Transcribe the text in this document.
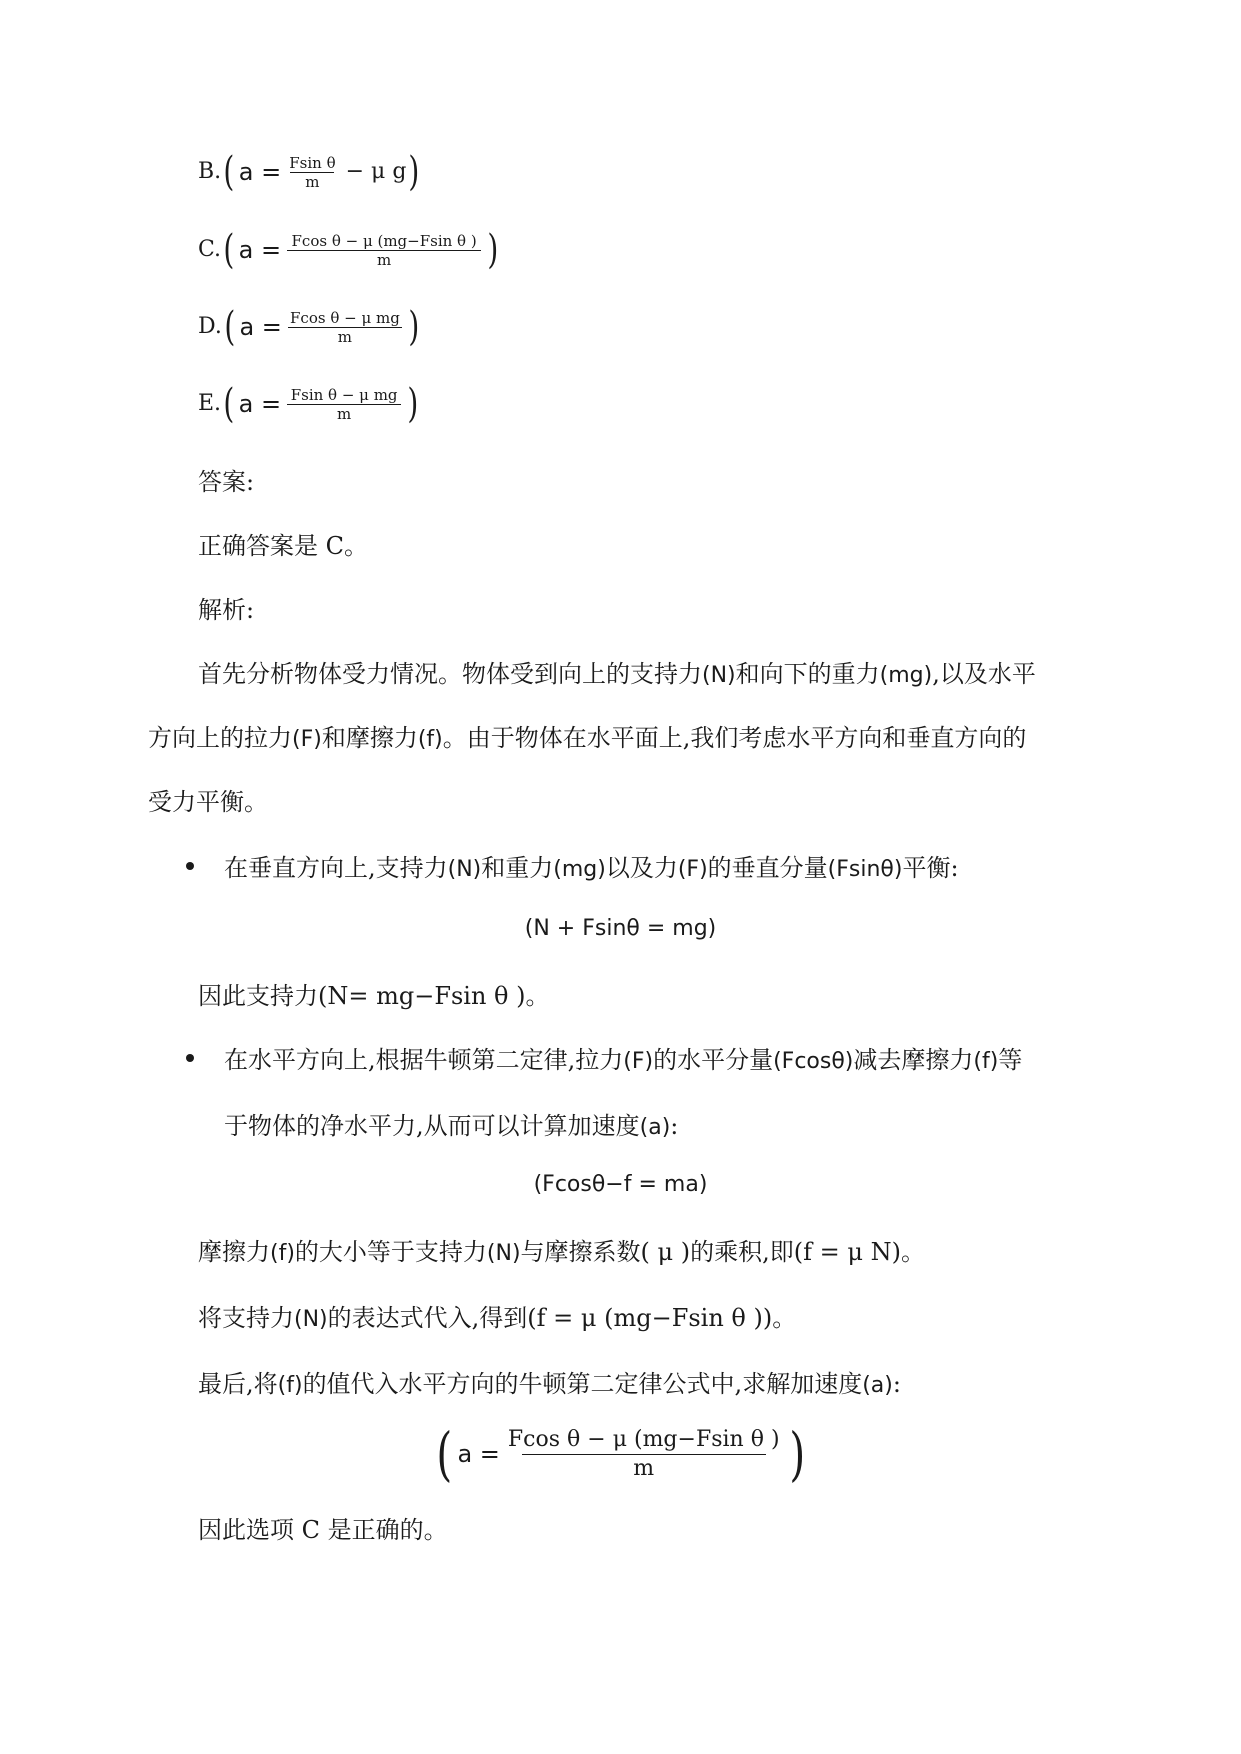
B. ( $a = \frac{\text{Fsin θ}}{m} - \mu$ g )
C. ( $a = \frac{\text{Fcos θ − μ (mg−Fsin θ )}}{m}$ )
D. ( $a = \frac{\text{Fcos θ − μ mg}}{m}$ )
E. ( $a = \frac{\text{Fsin θ − μ mg}}{m}$ )
答案:
正确答案是 C。
解析:
首先分析物体受力情况。物体受到向上的支持力(N)和向下的重力(mg),以及水平
方向上的拉力(F)和摩擦力(f)。由于物体在水平面上,我们考虑水平方向和垂直方向的
受力平衡。
在垂直方向上,支持力(N)和重力(mg)以及力(F)的垂直分量(Fsinθ)平衡:
(N + Fsinθ = mg)
因此支持力(N= mg−Fsin θ )。
在水平方向上,根据牛顿第二定律,拉力(F)的水平分量(Fcosθ)减去摩擦力(f)等
于物体的净水平力,从而可以计算加速度(a):
(Fcosθ−f = ma)
摩擦力(f)的大小等于支持力(N)与摩擦系数( μ )的乘积,即(f = μ N)。
将支持力(N)的表达式代入,得到(f = μ (mg−Fsin θ ))。
最后,将(f)的值代入水平方向的牛顿第二定律公式中,求解加速度(a):
( $a = \frac{\text{Fcos θ − μ (mg−Fsin θ )}}{m}$ )
因此选项 C 是正确的。
